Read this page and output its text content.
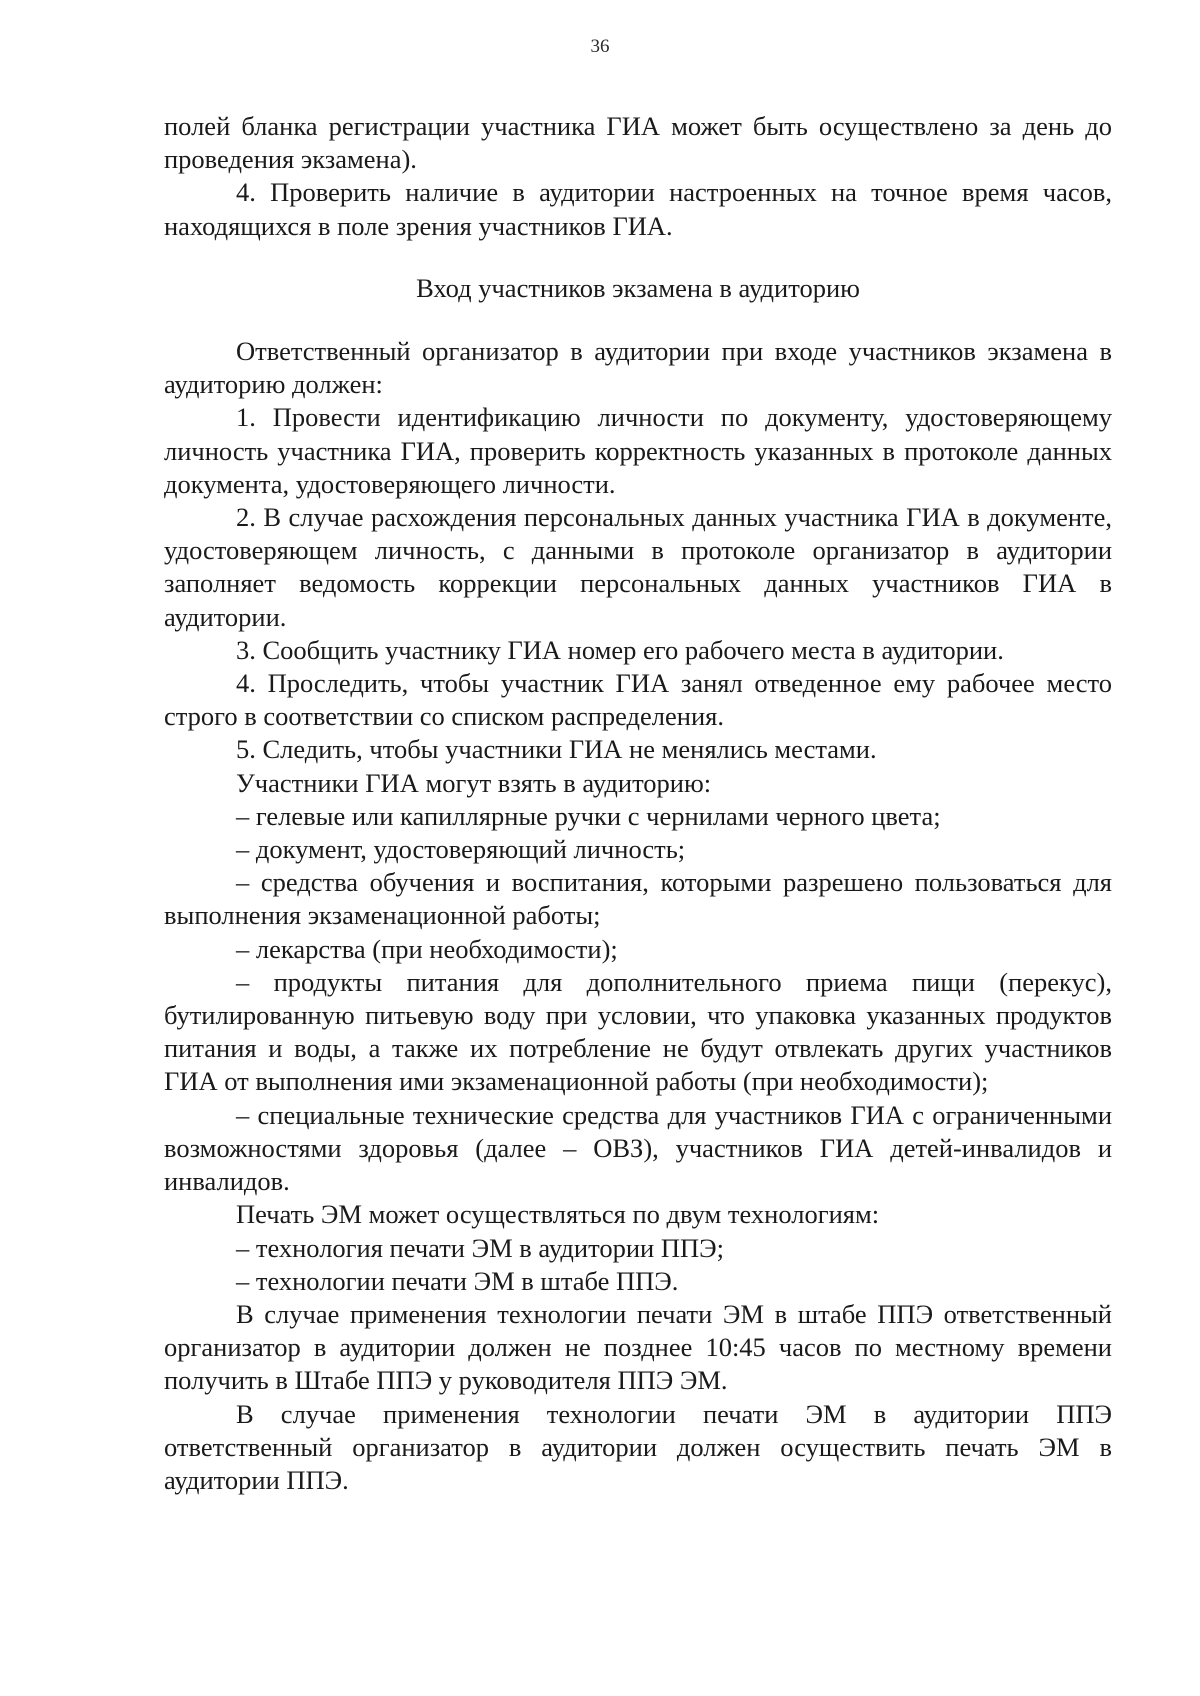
36

полей бланка регистрации участника ГИА может быть осуществлено за день до проведения экзамена).

4. Проверить наличие в аудитории настроенных на точное время часов, находящихся в поле зрения участников ГИА.

Вход участников экзамена в аудиторию

Ответственный организатор в аудитории при входе участников экзамена в аудиторию должен:

1. Провести идентификацию личности по документу, удостоверяющему личность участника ГИА, проверить корректность указанных в протоколе данных документа, удостоверяющего личности.

2. В случае расхождения персональных данных участника ГИА в документе, удостоверяющем личность, с данными в протоколе организатор в аудитории заполняет ведомость коррекции персональных данных участников ГИА в аудитории.

3. Сообщить участнику ГИА номер его рабочего места в аудитории.

4. Проследить, чтобы участник ГИА занял отведенное ему рабочее место строго в соответствии со списком распределения.

5. Следить, чтобы участники ГИА не менялись местами.

Участники ГИА могут взять в аудиторию:

– гелевые или капиллярные ручки с чернилами черного цвета;

– документ, удостоверяющий личность;

– средства обучения и воспитания, которыми разрешено пользоваться для выполнения экзаменационной работы;

– лекарства (при необходимости);

– продукты питания для дополнительного приема пищи (перекус), бутилированную питьевую воду при условии, что упаковка указанных продуктов питания и воды, а также их потребление не будут отвлекать других участников ГИА от выполнения ими экзаменационной работы (при необходимости);

– специальные технические средства для участников ГИА с ограниченными возможностями здоровья (далее – ОВЗ), участников ГИА детей-инвалидов и инвалидов.

Печать ЭМ может осуществляться по двум технологиям:

– технология печати ЭМ в аудитории ППЭ;

– технологии печати ЭМ в штабе ППЭ.

В случае применения технологии печати ЭМ в штабе ППЭ ответственный организатор в аудитории должен не позднее 10:45 часов по местному времени получить в Штабе ППЭ у руководителя ППЭ ЭМ.

В случае применения технологии печати ЭМ в аудитории ППЭ ответственный организатор в аудитории должен осуществить печать ЭМ в аудитории ППЭ.
